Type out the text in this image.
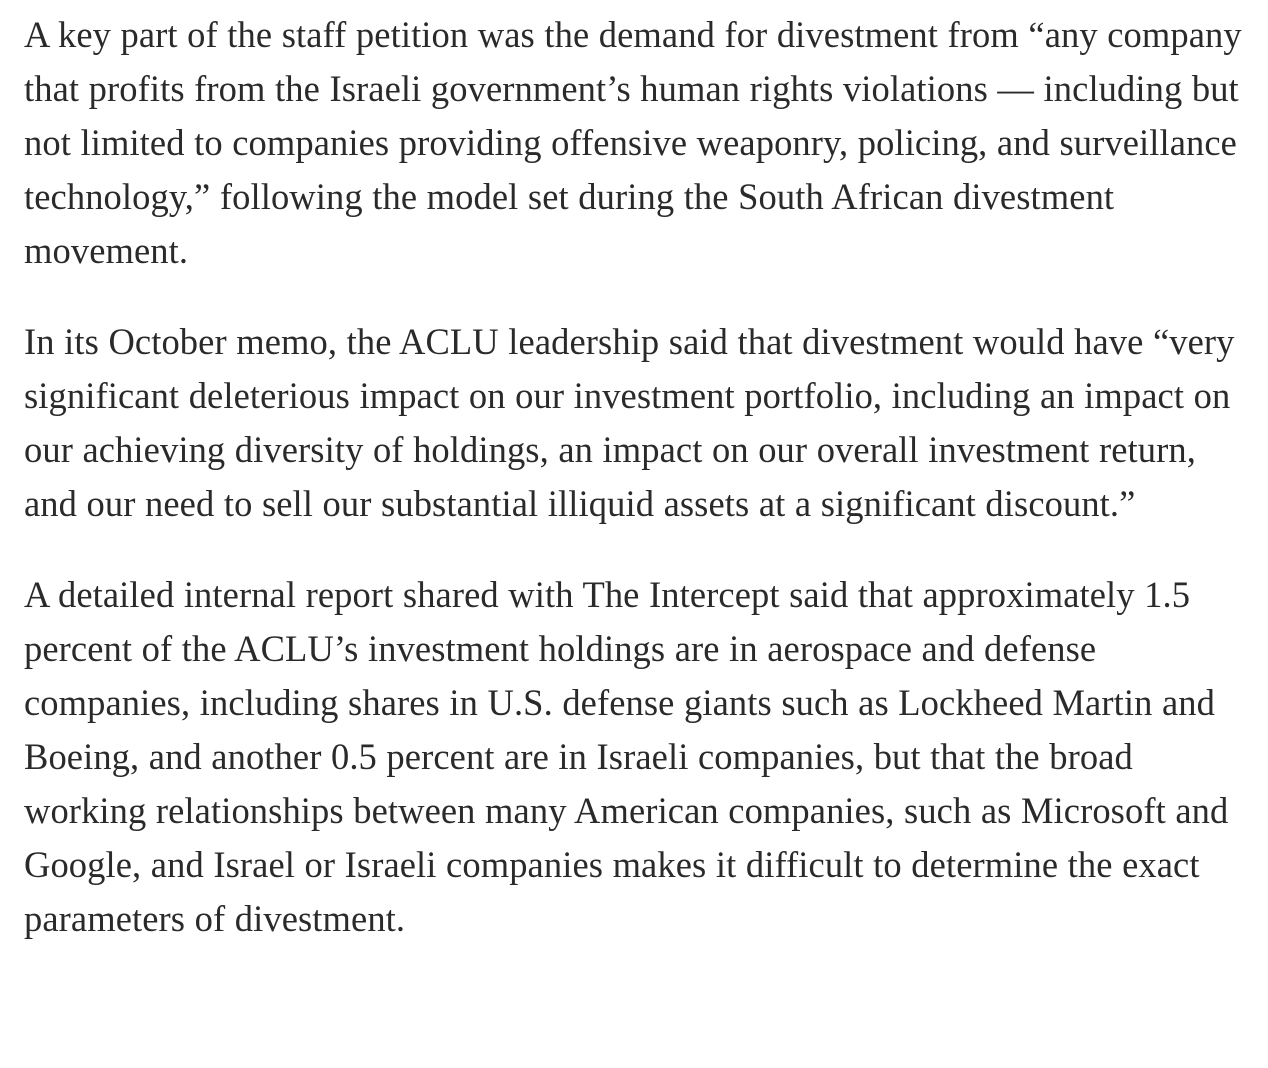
A key part of the staff petition was the demand for divestment from “any company that profits from the Israeli government’s human rights violations — including but not limited to companies providing offensive weaponry, policing, and surveillance technology,” following the model set during the South African divestment movement.

In its October memo, the ACLU leadership said that divestment would have “very significant deleterious impact on our investment portfolio, including an impact on our achieving diversity of holdings, an impact on our overall investment return, and our need to sell our substantial illiquid assets at a significant discount.”

A detailed internal report shared with The Intercept said that approximately 1.5 percent of the ACLU’s investment holdings are in aerospace and defense companies, including shares in U.S. defense giants such as Lockheed Martin and Boeing, and another 0.5 percent are in Israeli companies, but that the broad working relationships between many American companies, such as Microsoft and Google, and Israel or Israeli companies makes it difficult to determine the exact parameters of divestment.
